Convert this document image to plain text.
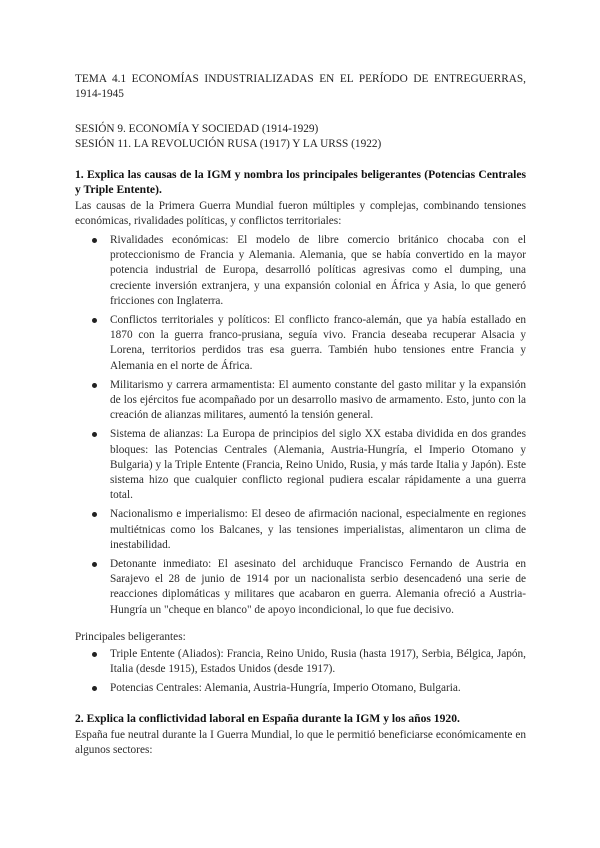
TEMA 4.1 ECONOMÍAS INDUSTRIALIZADAS EN EL PERÍODO DE ENTREGUERRAS, 1914-1945

SESIÓN 9. ECONOMÍA Y SOCIEDAD (1914-1929)

SESIÓN 11. LA REVOLUCIÓN RUSA (1917) Y LA URSS (1922)

1. Explica las causas de la IGM y nombra los principales beligerantes (Potencias Centrales y Triple Entente).

Las causas de la Primera Guerra Mundial fueron múltiples y complejas, combinando tensiones económicas, rivalidades políticas, y conflictos territoriales:

Rivalidades económicas: El modelo de libre comercio británico chocaba con el proteccionismo de Francia y Alemania. Alemania, que se había convertido en la mayor potencia industrial de Europa, desarrolló políticas agresivas como el dumping, una creciente inversión extranjera, y una expansión colonial en África y Asia, lo que generó fricciones con Inglaterra.
Conflictos territoriales y políticos: El conflicto franco-alemán, que ya había estallado en 1870 con la guerra franco-prusiana, seguía vivo. Francia deseaba recuperar Alsacia y Lorena, territorios perdidos tras esa guerra. También hubo tensiones entre Francia y Alemania en el norte de África.
Militarismo y carrera armamentista: El aumento constante del gasto militar y la expansión de los ejércitos fue acompañado por un desarrollo masivo de armamento. Esto, junto con la creación de alianzas militares, aumentó la tensión general.
Sistema de alianzas: La Europa de principios del siglo XX estaba dividida en dos grandes bloques: las Potencias Centrales (Alemania, Austria-Hungría, el Imperio Otomano y Bulgaria) y la Triple Entente (Francia, Reino Unido, Rusia, y más tarde Italia y Japón). Este sistema hizo que cualquier conflicto regional pudiera escalar rápidamente a una guerra total.
Nacionalismo e imperialismo: El deseo de afirmación nacional, especialmente en regiones multiétnicas como los Balcanes, y las tensiones imperialistas, alimentaron un clima de inestabilidad.
Detonante inmediato: El asesinato del archiduque Francisco Fernando de Austria en Sarajevo el 28 de junio de 1914 por un nacionalista serbio desencadenó una serie de reacciones diplomáticas y militares que acabaron en guerra. Alemania ofreció a Austria-Hungría un "cheque en blanco" de apoyo incondicional, lo que fue decisivo.

Principales beligerantes:

Triple Entente (Aliados): Francia, Reino Unido, Rusia (hasta 1917), Serbia, Bélgica, Japón, Italia (desde 1915), Estados Unidos (desde 1917).
Potencias Centrales: Alemania, Austria-Hungría, Imperio Otomano, Bulgaria.

2. Explica la conflictividad laboral en España durante la IGM y los años 1920.

España fue neutral durante la I Guerra Mundial, lo que le permitió beneficiarse económicamente en algunos sectores:
